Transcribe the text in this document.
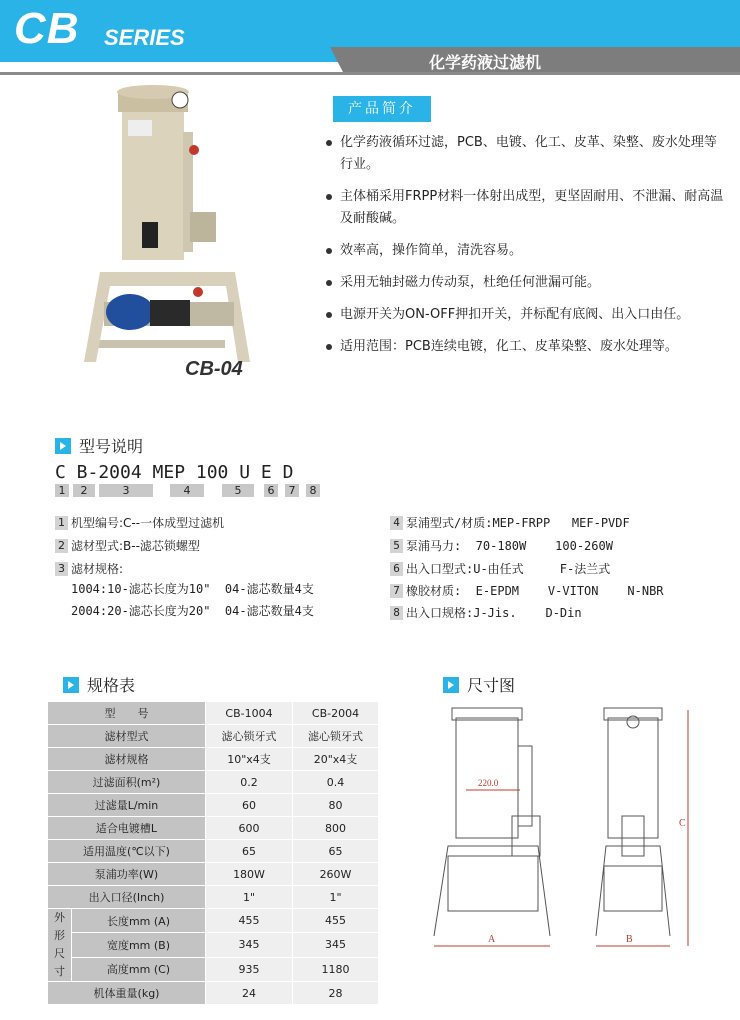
CB SERIES
化学药液过滤机
CB-04
产品简介
化学药液循环过滤，PCB、电镀、化工、皮革、染整、废水处理等行业。
主体桶采用FRPP材料一体射出成型，更坚固耐用、不泄漏、耐高温及耐酸碱。
效率高，操作简单，清洗容易。
采用无轴封磁力传动泵，杜绝任何泄漏可能。
电源开关为ON-OFF押扣开关，并标配有底阀、出入口由任。
适用范围：PCB连续电镀，化工、皮革染整、废水处理等。
型号说明
C B-2004 MEP 100 U E D
1	2	3	4	5	6	7	8
1 机型编号:C--一体成型过滤机
2 滤材型式:B--滤芯锁螺型
3 滤材规格:
1004:10-滤芯长度为10"  04-滤芯数量4支
2004:20-滤芯长度为20"  04-滤芯数量4支
4 泵浦型式/材质:MEP-FRPP   MEF-PVDF
5 泵浦马力:  70-180W    100-260W
6 出入口型式:U-由任式     F-法兰式
7 橡胶材质:  E-EPDM    V-VITON    N-NBR
8 出入口规格:J-Jis.    D-Din
规格表	尺寸图
型　　号		CB-1004	CB-2004
滤材型式		滤心锁牙式	滤心锁牙式
滤材规格		10"x4支	20"x4支
过滤面积(m²)		0.2	0.4
过滤量L/min		60	80
适合电镀槽L		600	800
适用温度(℃以下)		65	65
泵浦功率(W)		180W	260W
出入口径(Inch)		1"	1"
外形尺寸	长度mm (A)	455	455
	宽度mm (B)	345	345
	高度mm (C)	935	1180
机体重量(kg)		24	28
220.0
A	B
C
